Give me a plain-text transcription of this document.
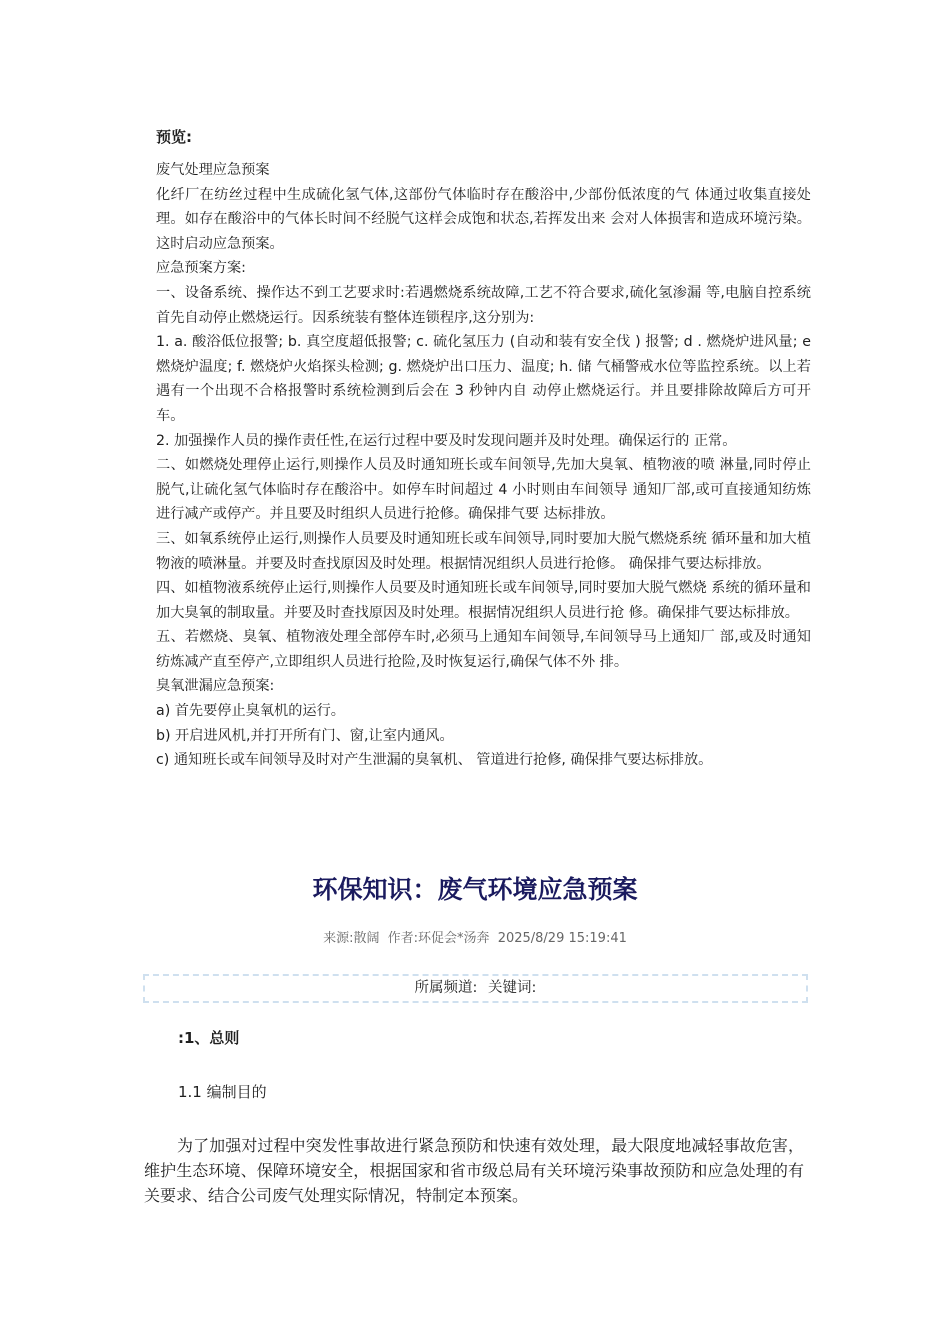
预览:

废气处理应急预案

化纤厂在纺丝过程中生成硫化氢气体,这部份气体临时存在酸浴中,少部份低浓度的气 体通过收集直接处理。如存在酸浴中的气体长时间不经脱气这样会成饱和状态,若挥发出来 会对人体损害和造成环境污染。这时启动应急预案。

应急预案方案:

一、设备系统、操作达不到工艺要求时:若遇燃烧系统故障,工艺不符合要求,硫化氢渗漏 等,电脑自控系统首先自动停止燃烧运行。因系统装有整体连锁程序,这分别为:

1. a. 酸浴低位报警; b. 真空度超低报警; c. 硫化氢压力 (自动和装有安全伐 ) 报警; d . 燃烧炉进风量; e 燃烧炉温度; f. 燃烧炉火焰探头检测; g. 燃烧炉出口压力、温度; h. 储 气桶警戒水位等监控系统。以上若遇有一个出现不合格报警时系统检测到后会在 3 秒钟内自 动停止燃烧运行。并且要排除故障后方可开车。

2. 加强操作人员的操作责任性,在运行过程中要及时发现问题并及时处理。确保运行的 正常。

二、如燃烧处理停止运行,则操作人员及时通知班长或车间领导,先加大臭氧、植物液的喷 淋量,同时停止脱气,让硫化氢气体临时存在酸浴中。如停车时间超过 4 小时则由车间领导 通知厂部,或可直接通知纺炼进行减产或停产。并且要及时组织人员进行抢修。确保排气要 达标排放。

三、如氧系统停止运行,则操作人员要及时通知班长或车间领导,同时要加大脱气燃烧系统 循环量和加大植物液的喷淋量。并要及时查找原因及时处理。根据情况组织人员进行抢修。 确保排气要达标排放。

四、如植物液系统停止运行,则操作人员要及时通知班长或车间领导,同时要加大脱气燃烧 系统的循环量和加大臭氧的制取量。并要及时查找原因及时处理。根据情况组织人员进行抢 修。确保排气要达标排放。

五、若燃烧、臭氧、植物液处理全部停车时,必须马上通知车间领导,车间领导马上通知厂 部,或及时通知纺炼减产直至停产,立即组织人员进行抢险,及时恢复运行,确保气体不外 排。

臭氧泄漏应急预案:

a) 首先要停止臭氧机的运行。

b) 开启进风机,并打开所有门、窗,让室内通风。

c) 通知班长或车间领导及时对产生泄漏的臭氧机、 管道进行抢修, 确保排气要达标排放。

环保知识：废气环境应急预案
来源:散阔 作者:环促会*汤奔 2025/8/29 15:19:41
所属频道: 关键词:
:1、总则
1.1 编制目的

为了加强对过程中突发性事故进行紧急预防和快速有效处理，最大限度地减轻事故危害，维护生态环境、保障环境安全，根据国家和省市级总局有关环境污染事故预防和应急处理的有关要求、结合公司废气处理实际情况，特制定本预案。
